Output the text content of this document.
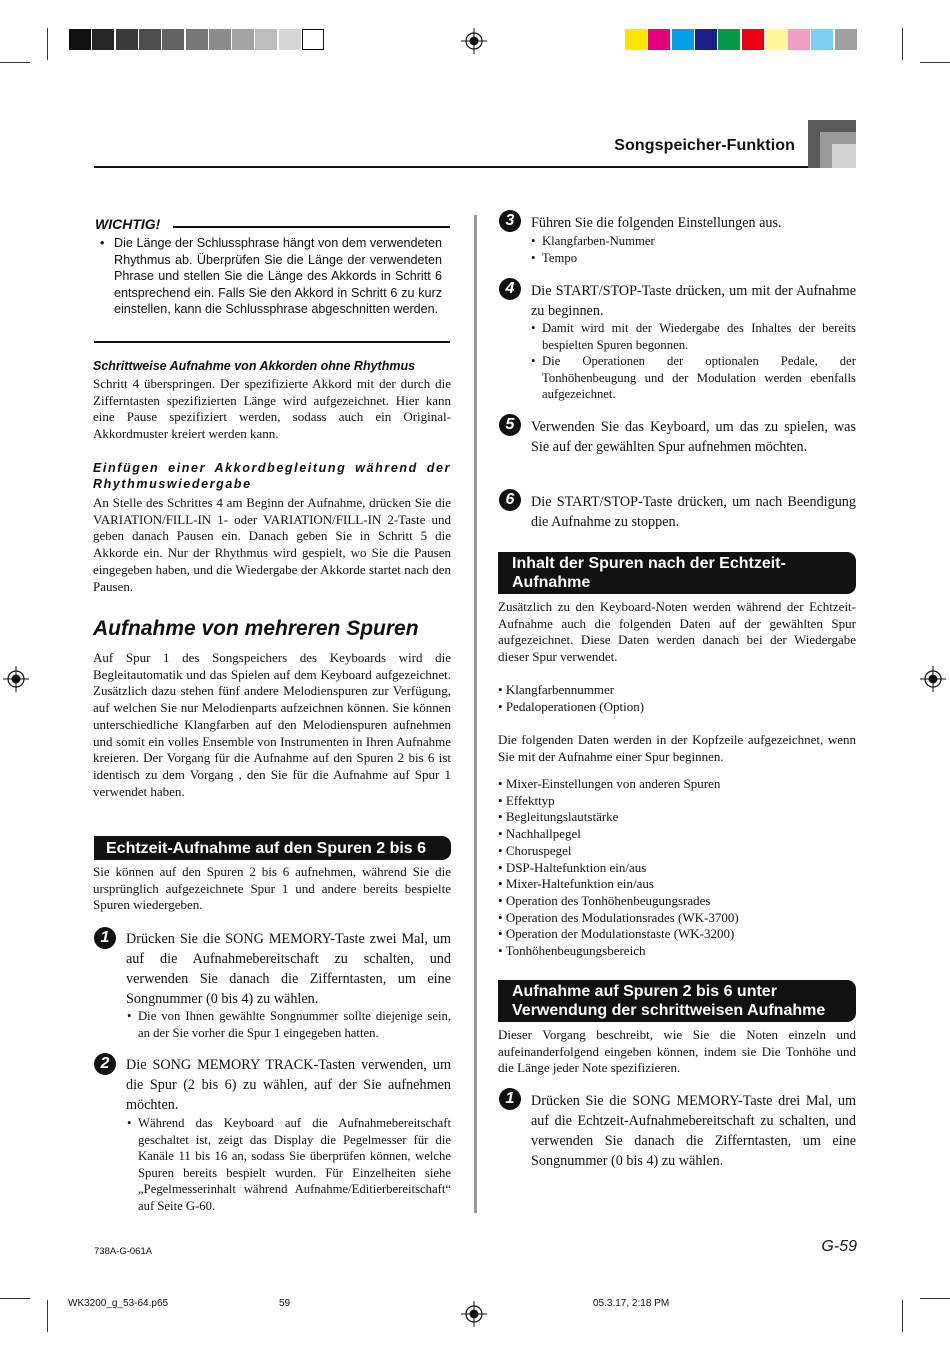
Songspeicher-Funktion
WICHTIG!
• Die Länge der Schlussphrase hängt von dem verwendeten Rhythmus ab. Überprüfen Sie die Länge der verwendeten Phrase und stellen Sie die Länge des Akkords in Schritt 6 entsprechend ein. Falls Sie den Akkord in Schritt 6 zu kurz einstellen, kann die Schlussphrase abgeschnitten werden.
Schrittweise Aufnahme von Akkorden ohne Rhythmus
Schritt 4 überspringen. Der spezifizierte Akkord mit der durch die Zifferntasten spezifizierten Länge wird aufgezeichnet. Hier kann eine Pause spezifiziert werden, sodass auch ein Original-Akkordmuster kreiert werden kann.
Einfügen einer Akkordbegleitung während der Rhythmuswiedergabe
An Stelle des Schrittes 4 am Beginn der Aufnahme, drücken Sie die VARIATION/FILL-IN 1- oder VARIATION/FILL-IN 2-Taste und geben danach Pausen ein. Danach geben Sie in Schritt 5 die Akkorde ein. Nur der Rhythmus wird gespielt, wo Sie die Pausen eingegeben haben, und die Wiedergabe der Akkorde startet nach den Pausen.
Aufnahme von mehreren Spuren
Auf Spur 1 des Songspeichers des Keyboards wird die Begleitautomatik und das Spielen auf dem Keyboard aufgezeichnet. Zusätzlich dazu stehen fünf andere Melodienspuren zur Verfügung, auf welchen Sie nur Melodienparts aufzeichnen können. Sie können unterschiedliche Klangfarben auf den Melodienspuren aufnehmen und somit ein volles Ensemble von Instrumenten in Ihren Aufnahme kreieren. Der Vorgang für die Aufnahme auf den Spuren 2 bis 6 ist identisch zu dem Vorgang , den Sie für die Aufnahme auf Spur 1 verwendet haben.
Echtzeit-Aufnahme auf den Spuren 2 bis 6
Sie können auf den Spuren 2 bis 6 aufnehmen, während Sie die ursprünglich aufgezeichnete Spur 1 und andere bereits bespielte Spuren wiedergeben.
1	Drücken Sie die SONG MEMORY-Taste zwei Mal, um auf die Aufnahmebereitschaft zu schalten, und verwenden Sie danach die Zifferntasten, um eine Songnummer (0 bis 4) zu wählen.
• Die von Ihnen gewählte Songnummer sollte diejenige sein, an der Sie vorher die Spur 1 eingegeben hatten.
2	Die SONG MEMORY TRACK-Tasten verwenden, um die Spur (2 bis 6) zu wählen, auf der Sie aufnehmen möchten.
• Während das Keyboard auf die Aufnahmebereitschaft geschaltet ist, zeigt das Display die Pegelmesser für die Kanäle 11 bis 16 an, sodass Sie überprüfen können, welche Spuren bereits bespielt wurden. Für Einzelheiten siehe „Pegelmesserinhalt während Aufnahme/Editierbereitschaft“ auf Seite G-60.
3	Führen Sie die folgenden Einstellungen aus.
• Klangfarben-Nummer
• Tempo
4	Die START/STOP-Taste drücken, um mit der Aufnahme zu beginnen.
• Damit wird mit der Wiedergabe des Inhaltes der bereits bespielten Spuren begonnen.
• Die Operationen der optionalen Pedale, der Tonhöhenbeugung und der Modulation werden ebenfalls aufgezeichnet.
5	Verwenden Sie das Keyboard, um das zu spielen, was Sie auf der gewählten Spur aufnehmen möchten.
6	Die START/STOP-Taste drücken, um nach Beendigung die Aufnahme zu stoppen.
Inhalt der Spuren nach der Echtzeit-
Aufnahme
Zusätzlich zu den Keyboard-Noten werden während der Echtzeit-Aufnahme auch die folgenden Daten auf der gewählten Spur aufgezeichnet. Diese Daten werden danach bei der Wiedergabe dieser Spur verwendet.
• Klangfarbennummer
• Pedaloperationen (Option)
Die folgenden Daten werden in der Kopfzeile aufgezeichnet, wenn Sie mit der Aufnahme einer Spur beginnen.
• Mixer-Einstellungen von anderen Spuren
• Effekttyp
• Begleitungslautstärke
• Nachhallpegel
• Choruspegel
• DSP-Haltefunktion ein/aus
• Mixer-Haltefunktion ein/aus
• Operation des Tonhöhenbeugungsrades
• Operation des Modulationsrades (WK-3700)
• Operation der Modulationstaste (WK-3200)
• Tonhöhenbeugungsbereich
Aufnahme auf Spuren 2 bis 6 unter
Verwendung der schrittweisen Aufnahme
Dieser Vorgang beschreibt, wie Sie die Noten einzeln und aufeinanderfolgend eingeben können, indem sie Die Tonhöhe und die Länge jeder Note spezifizieren.
1	Drücken Sie die SONG MEMORY-Taste drei Mal, um auf die Echtzeit-Aufnahmebereitschaft zu schalten, und verwenden Sie danach die Zifferntasten, um eine Songnummer (0 bis 4) zu wählen.
738A-G-061A	G-59
WK3200_g_53-64.p65	59	05.3.17, 2:18 PM
